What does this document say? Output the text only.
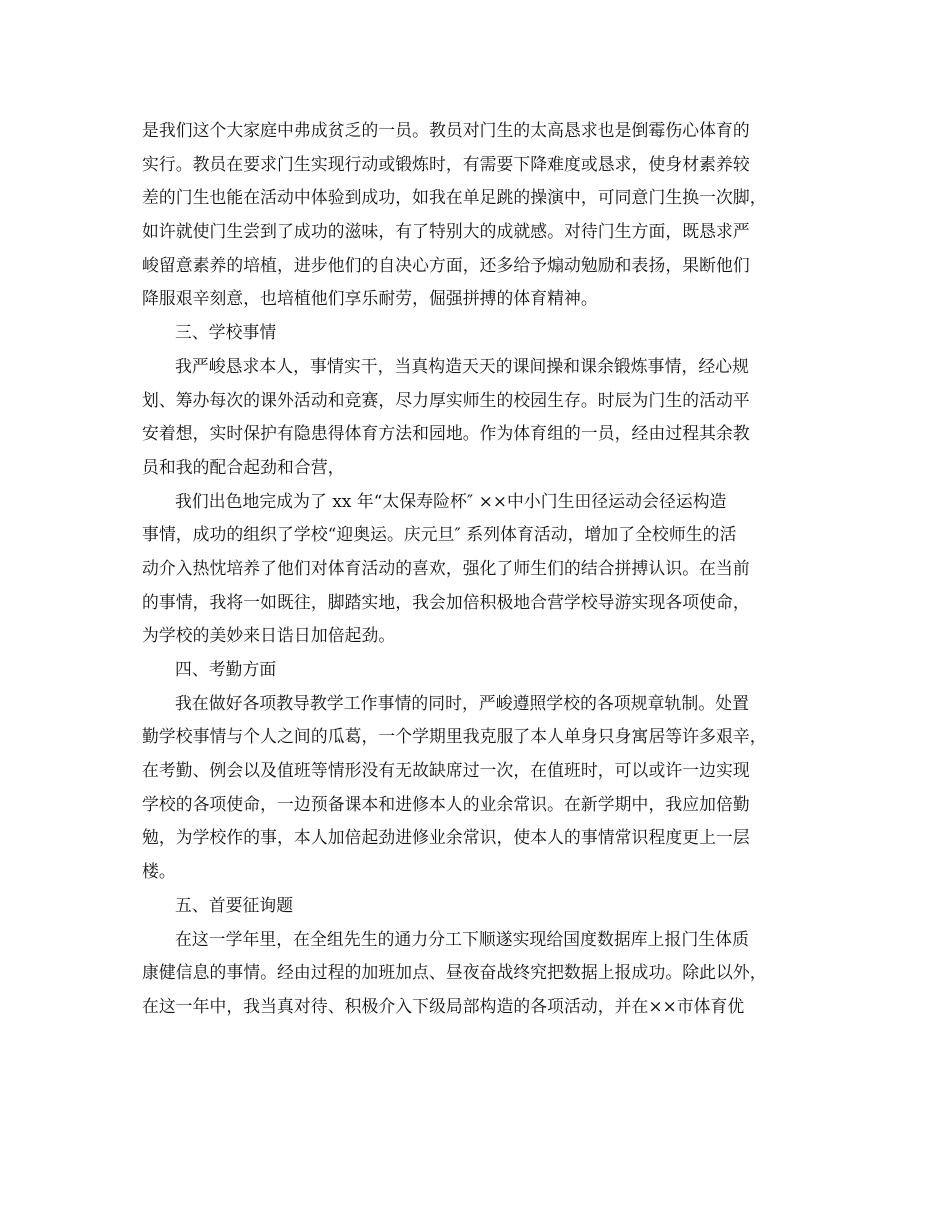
是我们这个大家庭中弗成贫乏的一员。教员对门生的太高恳求也是倒霉伤心体育的
实行。教员在要求门生实现行动或锻炼时，有需要下降难度或恳求，使身材素养较
差的门生也能在活动中体验到成功，如我在单足跳的操演中，可同意门生换一次脚，
如许就使门生尝到了成功的滋味，有了特别大的成就感。对待门生方面，既恳求严
峻留意素养的培植，进步他们的自决心方面，还多给予煽动勉励和表扬，果断他们
降服艰辛刻意，也培植他们享乐耐劳，倔强拼搏的体育精神。
三、学校事情
我严峻恳求本人，事情实干，当真构造天天的课间操和课余锻炼事情，经心规
划、筹办每次的课外活动和竞赛，尽力厚实师生的校园生存。时辰为门生的活动平
安着想，实时保护有隐患得体育方法和园地。作为体育组的一员，经由过程其余教
员和我的配合起劲和合营，
我们出色地完成为了 xx 年“太保寿险杯″ ××中小门生田径运动会径运构造
事情，成功的组织了学校“迎奥运。庆元旦″ 系列体育活动，增加了全校师生的活
动介入热忱培养了他们对体育活动的喜欢，强化了师生们的结合拼搏认识。在当前
的事情，我将一如既往，脚踏实地，我会加倍积极地合营学校导游实现各项使命，
为学校的美妙来日诰日加倍起劲。
四、考勤方面
我在做好各项教导教学工作事情的同时，严峻遵照学校的各项规章轨制。处置
勤学校事情与个人之间的瓜葛，一个学期里我克服了本人单身只身寓居等许多艰辛，
在考勤、例会以及值班等情形没有无故缺席过一次，在值班时，可以或许一边实现
学校的各项使命，一边预备课本和进修本人的业余常识。在新学期中，我应加倍勤
勉，为学校作的事，本人加倍起劲进修业余常识，使本人的事情常识程度更上一层
楼。
五、首要征询题
在这一学年里，在全组先生的通力分工下顺遂实现给国度数据库上报门生体质
康健信息的事情。经由过程的加班加点、昼夜奋战终究把数据上报成功。除此以外，
在这一年中，我当真对待、积极介入下级局部构造的各项活动，并在××市体育优
